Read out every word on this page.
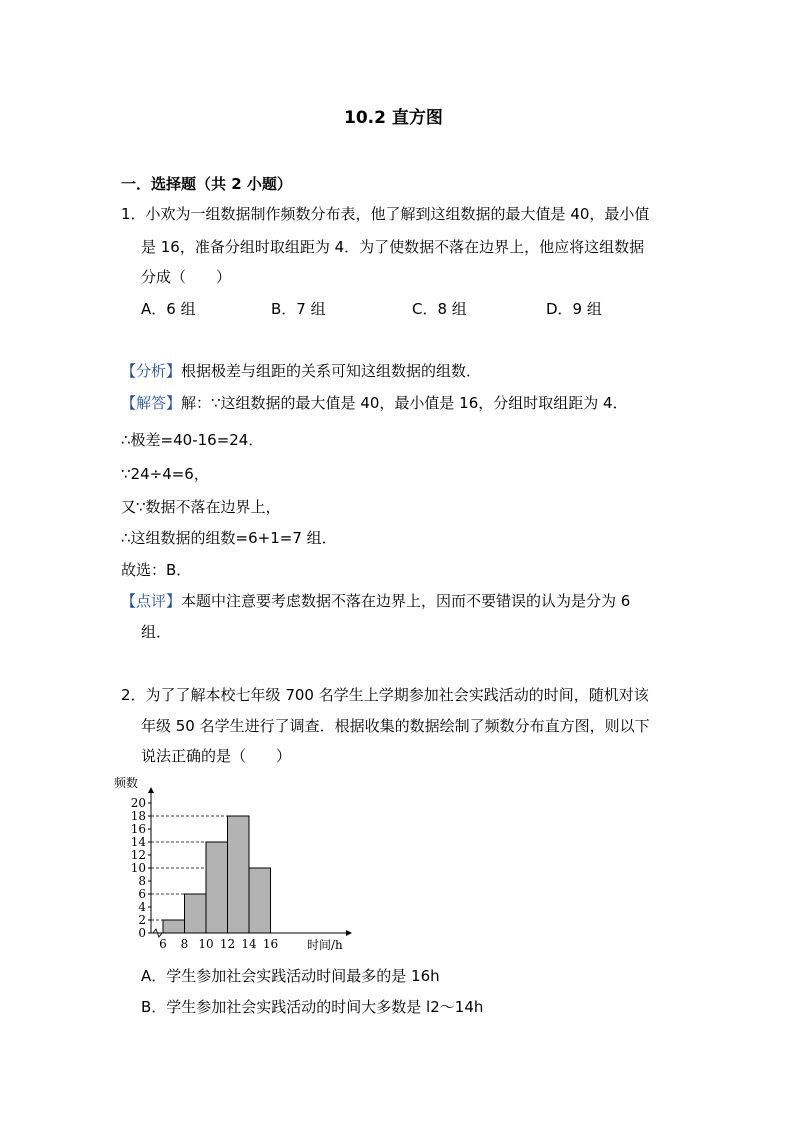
10.2 直方图
一．选择题（共 2 小题）
1．小欢为一组数据制作频数分布表，他了解到这组数据的最大值是 40，最小值
是 16，准备分组时取组距为 4．为了使数据不落在边界上，他应将这组数据
分成（　　）
A．6 组	B．7 组	C．8 组	D．9 组
【分析】根据极差与组距的关系可知这组数据的组数．
【解答】解：∵这组数据的最大值是 40，最小值是 16，分组时取组距为 4．
∴极差=40-16=24．
∵24÷4=6，
又∵数据不落在边界上，
∴这组数据的组数=6+1=7 组．
故选：B．
【点评】本题中注意要考虑数据不落在边界上，因而不要错误的认为是分为 6
组．
2．为了了解本校七年级 700 名学生上学期参加社会实践活动的时间，随机对该
年级 50 名学生进行了调查．根据收集的数据绘制了频数分布直方图，则以下
说法正确的是（　　）
0
2
4
6
8
10
12
14
16
18
20
6 8 10 12 14 16
频数
时间/h
A．学生参加社会实践活动时间最多的是 16h
B．学生参加社会实践活动的时间大多数是 l2～14h
